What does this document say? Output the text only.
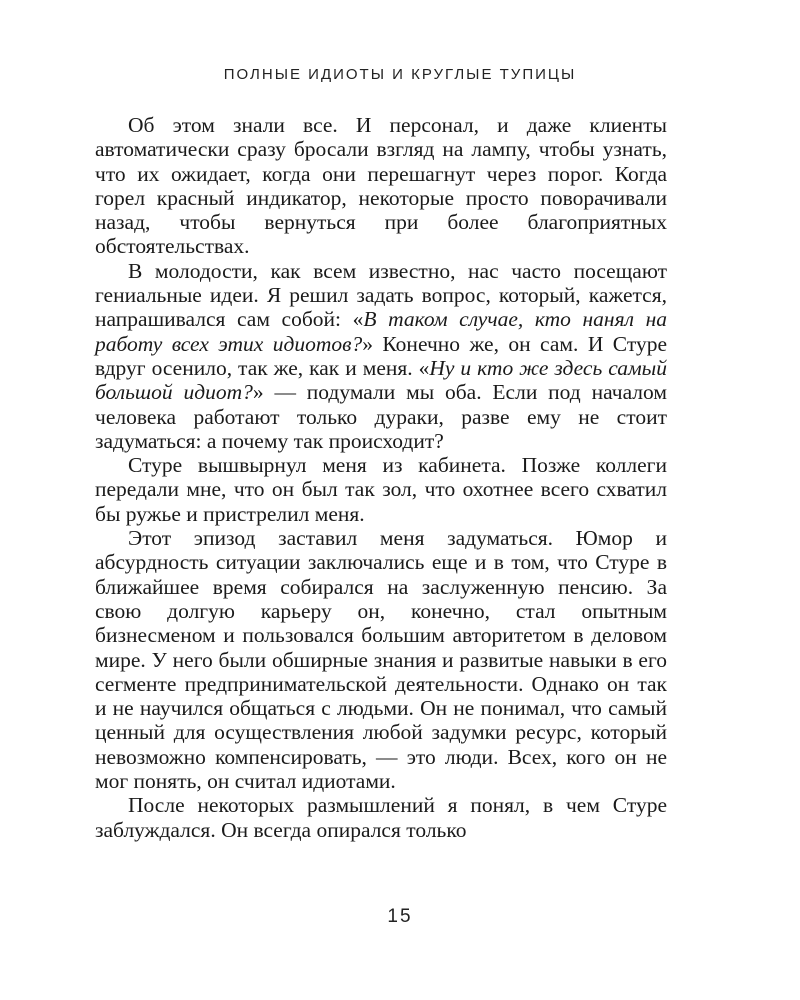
ПОЛНЫЕ ИДИОТЫ И КРУГЛЫЕ ТУПИЦЫ

Об этом знали все. И персонал, и даже клиенты автоматически сразу бросали взгляд на лампу, чтобы узнать, что их ожидает, когда они перешагнут через порог. Когда горел красный индикатор, некоторые просто поворачивали назад, чтобы вернуться при более благоприятных обстоятельствах.

В молодости, как всем известно, нас часто посещают гениальные идеи. Я решил задать вопрос, который, кажется, напрашивался сам собой: «В таком случае, кто нанял на работу всех этих идиотов?» Конечно же, он сам. И Стуре вдруг осенило, так же, как и меня. «Ну и кто же здесь самый большой идиот?» — подумали мы оба. Если под началом человека работают только дураки, разве ему не стоит задуматься: а почему так происходит?

Стуре вышвырнул меня из кабинета. Позже коллеги передали мне, что он был так зол, что охотнее всего схватил бы ружье и пристрелил меня.

Этот эпизод заставил меня задуматься. Юмор и абсурдность ситуации заключались еще и в том, что Стуре в ближайшее время собирался на заслуженную пенсию. За свою долгую карьеру он, конечно, стал опытным бизнесменом и пользовался большим авторитетом в деловом мире. У него были обширные знания и развитые навыки в его сегменте предпринимательской деятельности. Однако он так и не научился общаться с людьми. Он не понимал, что самый ценный для осуществления любой задумки ресурс, который невозможно компенсировать, — это люди. Всех, кого он не мог понять, он считал идиотами.

После некоторых размышлений я понял, в чем Стуре заблуждался. Он всегда опирался только

15
